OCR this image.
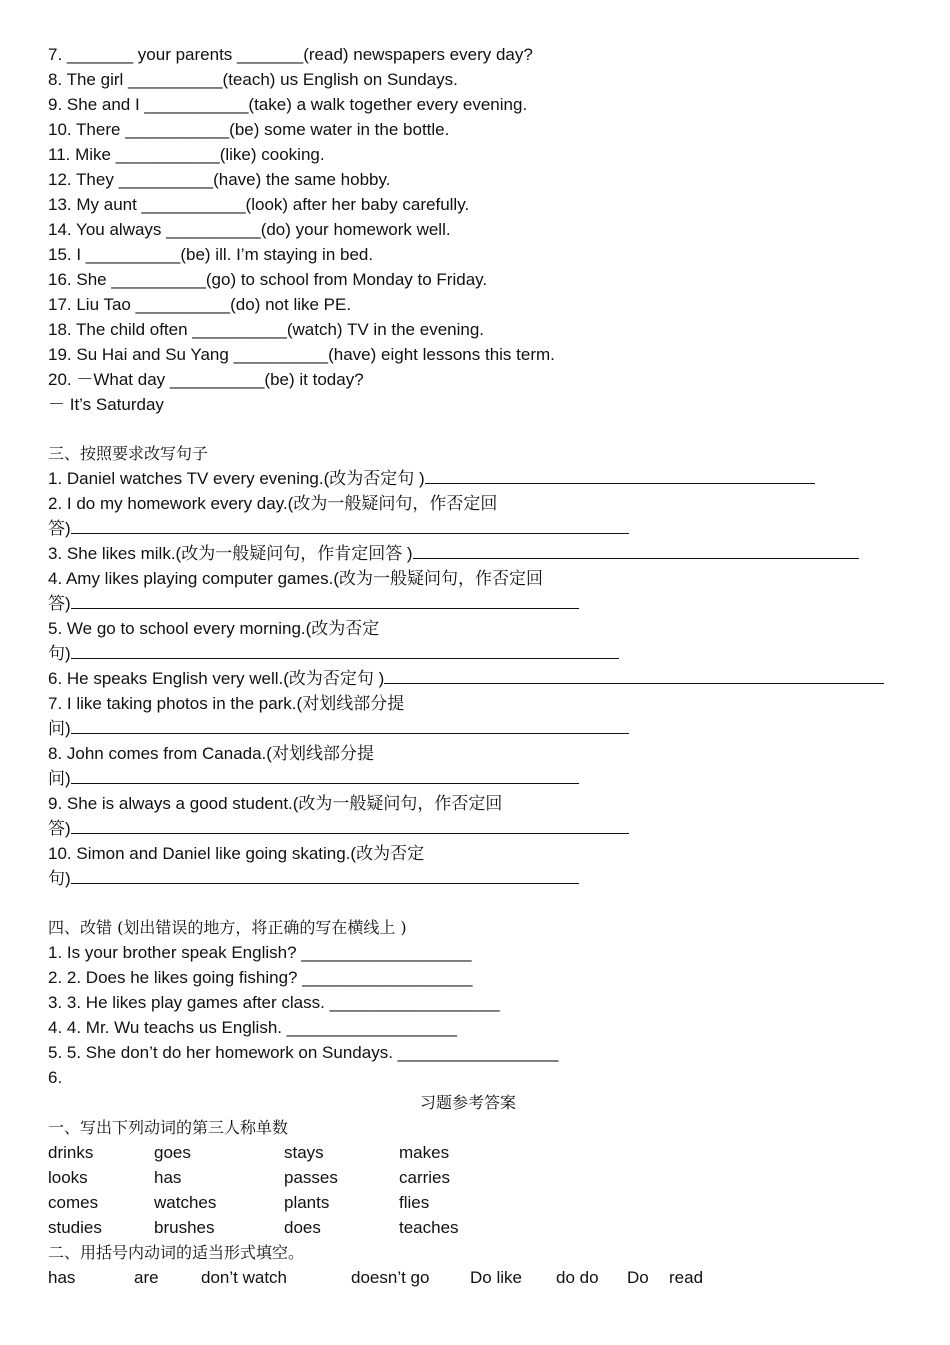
7. _______ your parents _______(read) newspapers every day?
8. The girl __________(teach) us English on Sundays.
9. She and I ___________(take) a walk together every evening.
10. There ___________(be) some water in the bottle.
11. Mike ___________(like) cooking.
12. They __________(have) the same hobby.
13. My aunt ___________(look) after her baby carefully.
14. You always __________(do) your homework well.
15. I __________(be) ill. I’m staying in bed.
16. She __________(go) to school from Monday to Friday.
17. Liu Tao __________(do) not like PE.
18. The child often __________(watch) TV in the evening.
19. Su Hai and Su Yang __________(have) eight lessons this term.
20. －What day __________(be) it today?
－ It’s Saturday
三、按照要求改写句子
1. Daniel watches TV every evening.(改为否定句 )
2. I do my homework every day.(改为一般疑问句，作否定回
答)
3. She likes milk.(改为一般疑问句，作肯定回答 )
4. Amy likes playing computer games.(改为一般疑问句，作否定回
答)
5. We go to school every morning.(改为否定
句)
6. He speaks English very well.(改为否定句 )
7. I like taking photos in the park.(对划线部分提
问)
8. John comes from Canada.(对划线部分提
问)
9. She is always a good student.(改为一般疑问句，作否定回
答)
10. Simon and Daniel like going skating.(改为否定
句)
四、改错 (划出错误的地方，将正确的写在横线上 )
1. Is your brother speak English? __________________
2. 2. Does he likes going fishing? __________________
3. 3. He likes play games after class. __________________
4. 4. Mr. Wu teachs us English. __________________
5. 5. She don’t do her homework on Sundays. _________________
6.
习题参考答案
一、写出下列动词的第三人称单数
drinks	goes	stays	makes
looks	has	passes	carries
comes	watches	plants	flies
studies	brushes	does	teaches
二、用括号内动词的适当形式填空。
has	are	don’t watch	doesn’t go	Do like	do do	Do	read
